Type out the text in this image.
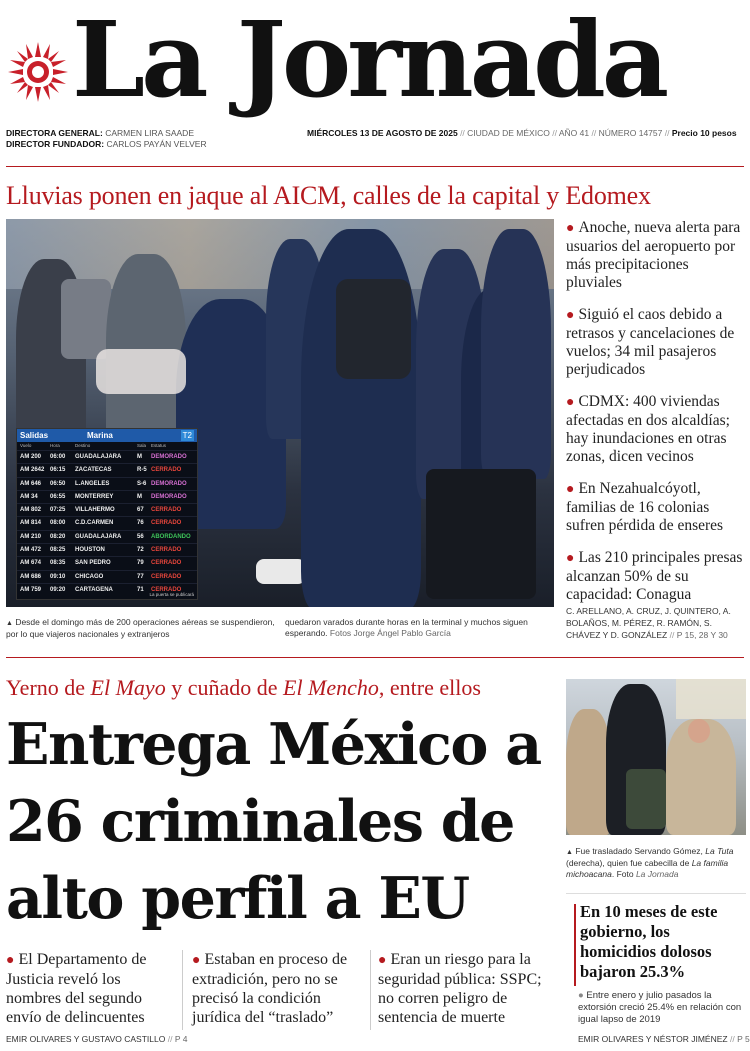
La Jornada
DIRECTORA GENERAL: CARMEN LIRA SAADE
DIRECTOR FUNDADOR: CARLOS PAYÁN VELVER
MIÉRCOLES 13 DE AGOSTO DE 2025 // CIUDAD DE MÉXICO // AÑO 41 // NÚMERO 14757 // Precio 10 pesos
Lluvias ponen en jaque al AICM, calles de la capital y Edomex
Salidas	Marina	T2
Vuelo	Hora	Destino	Sala Estatus
AM 200 06:00 GUADALAJARA	M DEMORADO
AM 2642 06:15 ZACATECAS	R-5 CERRADO
AM 646 06:50 L.ANGELES	S-6 DEMORADO
AM 34 06:55 MONTERREY	M DEMORADO
AM 802 07:25 VILLAHERMO	67 CERRADO
AM 814 08:00 C.D.CARMEN	76 CERRADO
AM 210 08:20 GUADALAJARA	56 ABORDANDO
AM 472 08:25 HOUSTON	72 CERRADO
AM 674 08:35 SAN PEDRO	79 CERRADO
AM 686 09:10 CHICAGO	77 CERRADO
AM 759 09:20 CARTAGENA	71 CERRADO
La puerta se publicará
▲ Desde el domingo más de 200 operaciones aéreas se suspendieron, por lo que viajeros nacionales y extranjeros
quedaron varados durante horas en la terminal y muchos siguen esperando. Fotos Jorge Ángel Pablo García
● Anoche, nueva alerta para usuarios del aeropuerto por más precipitaciones pluviales
● Siguió el caos debido a retrasos y cancelaciones de vuelos; 34 mil pasajeros perjudicados
● CDMX: 400 viviendas afectadas en dos alcaldías; hay inundaciones en otras zonas, dicen vecinos
● En Nezahualcóyotl, familias de 16 colonias sufren pérdida de enseres
● Las 210 principales presas alcanzan 50% de su capacidad: Conagua
C. ARELLANO, A. CRUZ, J. QUINTERO, A. BOLAÑOS, M. PÉREZ, R. RAMÓN, S. CHÁVEZ Y D. GONZÁLEZ // P 15, 28 Y 30
Yerno de El Mayo y cuñado de El Mencho, entre ellos
Entrega México a
26 criminales de
alto perfil a EU
● El Departamento de Justicia reveló los nombres del segundo envío de delincuentes
● Estaban en proceso de extradición, pero no se precisó la condición jurídica del “traslado”
● Eran un riesgo para la seguridad pública: SSPC; no corren peligro de sentencia de muerte
EMIR OLIVARES Y GUSTAVO CASTILLO // P 4
▲ Fue trasladado Servando Gómez, La Tuta (derecha), quien fue cabecilla de La familia michoacana. Foto La Jornada
En 10 meses de este gobierno, los homicidios dolosos bajaron 25.3%
● Entre enero y julio pasados la extorsión creció 25.4% en relación con igual lapso de 2019
EMIR OLIVARES Y NÉSTOR JIMÉNEZ // P 5
